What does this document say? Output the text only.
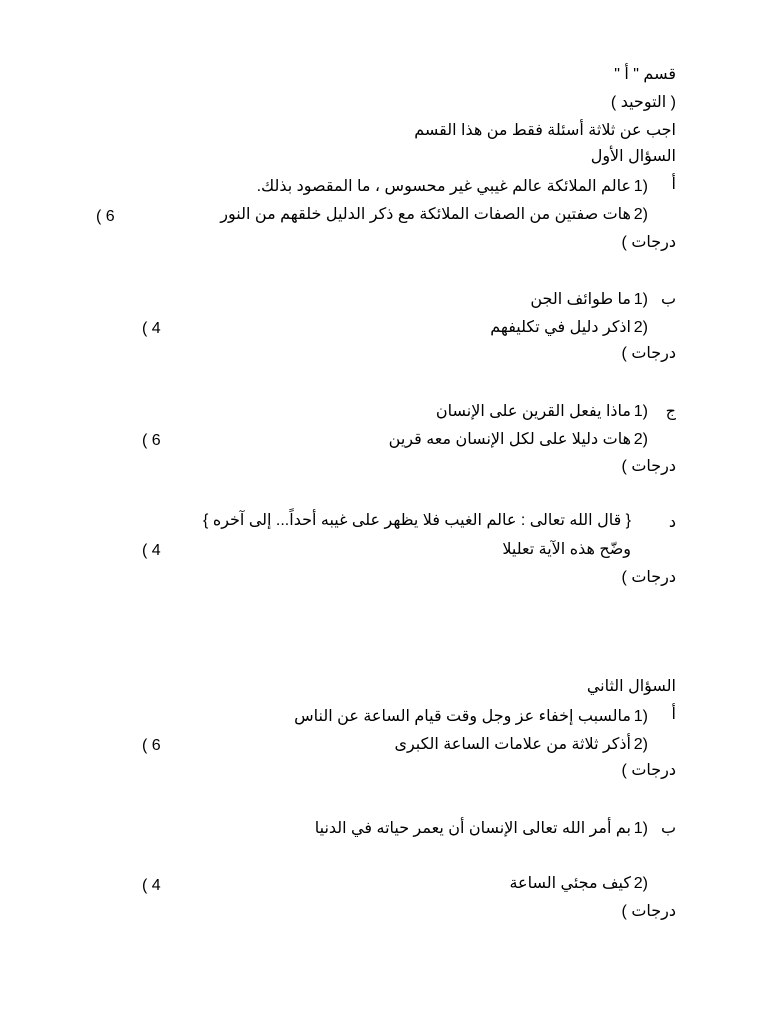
قسم " أ "
( التوحيد )
اجب عن ثلاثة أسئلة فقط من هذا القسم
السؤال الأول
أ
1)
عالم الملائكة عالم غيبي غير محسوس ، ما المقصود بذلك.
2)
هات صفتين من الصفات الملائكة مع ذكر الدليل خلقهم من النور
( 6
درجات )
ب
1)
ما طوائف الجن
2)
اذكر دليل في تكليفهم
( 4
درجات )
ج
1)
ماذا يفعل القرين على الإنسان
2)
هات دليلا على لكل الإنسان معه قرين
( 6
درجات )
د
{ قال الله تعالى : عالم الغيب فلا يظهر على غيبه أحداً... إلى آخره }
وضّح هذه الآية تعليلا
( 4
درجات )
السؤال الثاني
أ
1)
مالسبب إخفاء عز وجل وقت قيام الساعة عن الناس
2)
أذكر ثلاثة من علامات الساعة الكبرى
( 6
درجات )
ب
1)
بم أمر الله تعالى الإنسان أن يعمر حياته في الدنيا
2)
كيف مجئي الساعة
( 4
درجات )
